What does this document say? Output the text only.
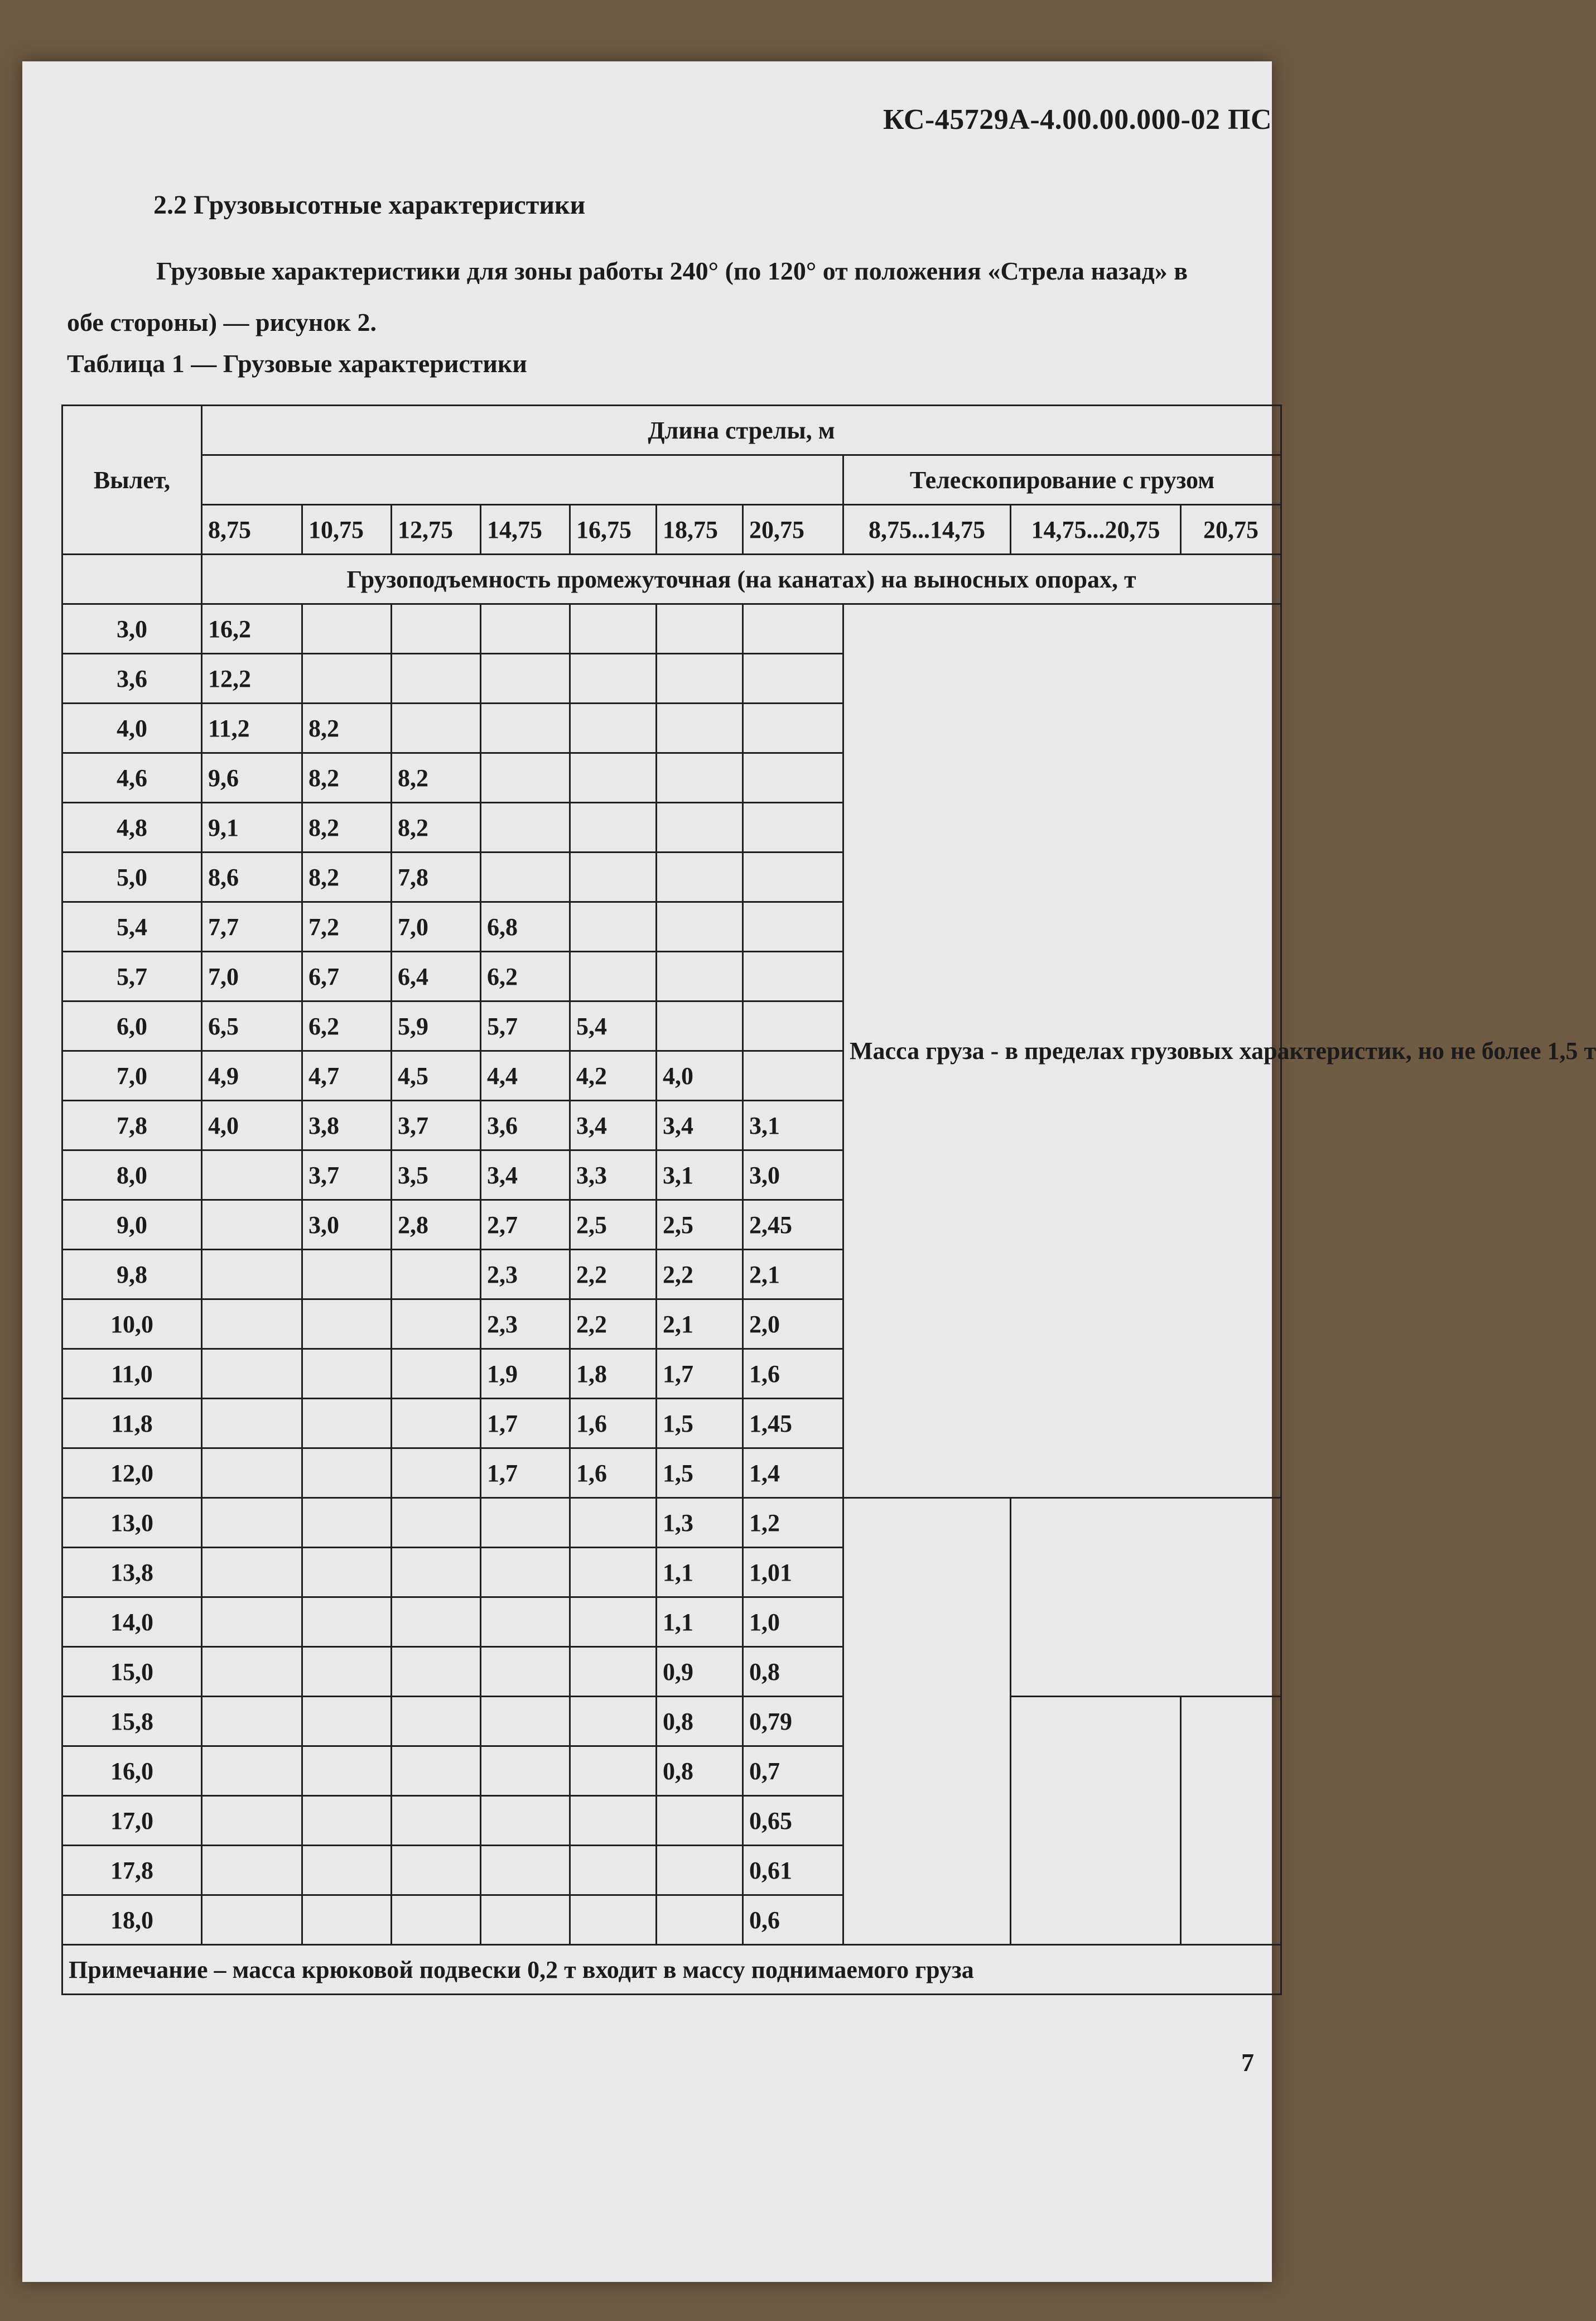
КС-45729А-4.00.00.000-02 ПС
2.2 Грузовысотные характеристики
Грузовые характеристики для зоны работы 240° (по 120° от положения «Стрела назад» в обе стороны) — рисунок 2.
Таблица 1 — Грузовые характеристики
Вылет,	Длина стрелы, м									
								Телескопирование с грузом		
	8,75	10,75	12,75	14,75	16,75	18,75	20,75	8,75...14,75	14,75...20,75	20,75
	Грузоподъемность промежуточная (на канатах) на выносных опорах, т									
3,0	16,2							Масса груза - в пределах грузовых характеристик, но не более 1,5 т		
3,6	12,2									
4,0	11,2	8,2								
4,6	9,6	8,2	8,2							
4,8	9,1	8,2	8,2							
5,0	8,6	8,2	7,8							
5,4	7,7	7,2	7,0	6,8						
5,7	7,0	6,7	6,4	6,2						
6,0	6,5	6,2	5,9	5,7	5,4					
7,0	4,9	4,7	4,5	4,4	4,2	4,0				
7,8	4,0	3,8	3,7	3,6	3,4	3,4	3,1			
8,0		3,7	3,5	3,4	3,3	3,1	3,0			
9,0		3,0	2,8	2,7	2,5	2,5	2,45			
9,8				2,3	2,2	2,2	2,1			
10,0				2,3	2,2	2,1	2,0			
11,0				1,9	1,8	1,7	1,6			
11,8				1,7	1,6	1,5	1,45			
12,0				1,7	1,6	1,5	1,4			
13,0						1,3	1,2			
13,8						1,1	1,01			
14,0						1,1	1,0			
15,0						0,9	0,8			
15,8						0,8	0,79			
16,0						0,8	0,7			
17,0							0,65			
17,8							0,61			
18,0							0,6			
Примечание – масса крюковой подвески 0,2 т входит в массу поднимаемого груза										
7
